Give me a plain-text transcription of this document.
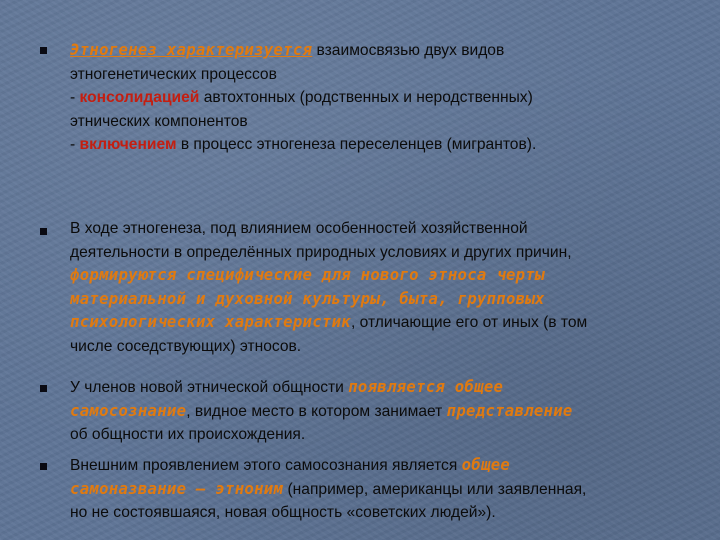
Этногенез характеризуется взаимосвязью двух видов
этногенетических процессов
- консолидацией автохтонных (родственных и неродственных)
этнических компонентов
- включением в процесс этногенеза переселенцев (мигрантов).
В ходе этногенеза, под влиянием особенностей хозяйственной
деятельности в определённых природных условиях и других причин,
формируются специфические для нового этноса черты
материальной и духовной культуры, быта, групповых
психологических характеристик, отличающие его от иных (в том
числе соседствующих) этносов.
У членов новой этнической общности появляется общее
самосознание, видное место в котором занимает представление
об общности их происхождения.
Внешним проявлением этого самосознания является общее
самоназвание — этноним (например, американцы или заявленная,
но не состоявшаяся, новая общность «советских людей»).
